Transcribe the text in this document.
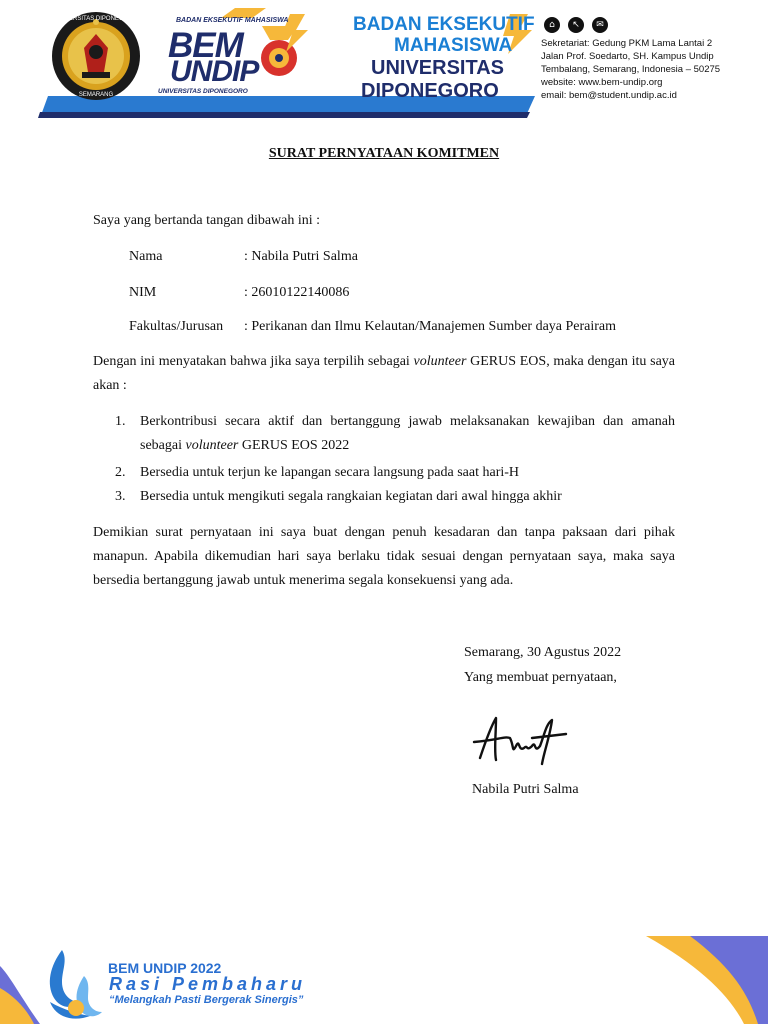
UNIVERSITAS DIPONEGORO
SEMARANG
BADAN EKSEKUTIF MAHASISWA
BEM
UNDIP
UNIVERSITAS DIPONEGORO
BADAN EKSEKUTIF
MAHASISWA
UNIVERSITAS
DIPONEGORO
⌂	↖	✉
Sekretariat: Gedung PKM Lama Lantai 2
Jalan Prof. Soedarto, SH. Kampus Undip
Tembalang, Semarang, Indonesia – 50275
website: www.bem-undip.org
email: bem@student.undip.ac.id
SURAT PERNYATAAN KOMITMEN
Saya yang bertanda tangan dibawah ini :
Nama	: Nabila Putri Salma
NIM	: 26010122140086
Fakultas/Jurusan : Perikanan dan Ilmu Kelautan/Manajemen Sumber daya Perairam
Dengan ini menyatakan bahwa jika saya terpilih sebagai volunteer GERUS EOS, maka dengan itu saya akan :
1. Berkontribusi secara aktif dan bertanggung jawab melaksanakan kewajiban dan amanah sebagai volunteer GERUS EOS 2022
2. Bersedia untuk terjun ke lapangan secara langsung pada saat hari-H
3. Bersedia untuk mengikuti segala rangkaian kegiatan dari awal hingga akhir
Demikian surat pernyataan ini saya buat dengan penuh kesadaran dan tanpa paksaan dari pihak manapun. Apabila dikemudian hari saya berlaku tidak sesuai dengan pernyataan saya, maka saya bersedia bertanggung jawab untuk menerima segala konsekuensi yang ada.
Semarang, 30 Agustus 2022
Yang membuat pernyataan,
Nabila Putri Salma
BEM UNDIP 2022
Rasi Pembaharu
“Melangkah Pasti Bergerak Sinergis”
